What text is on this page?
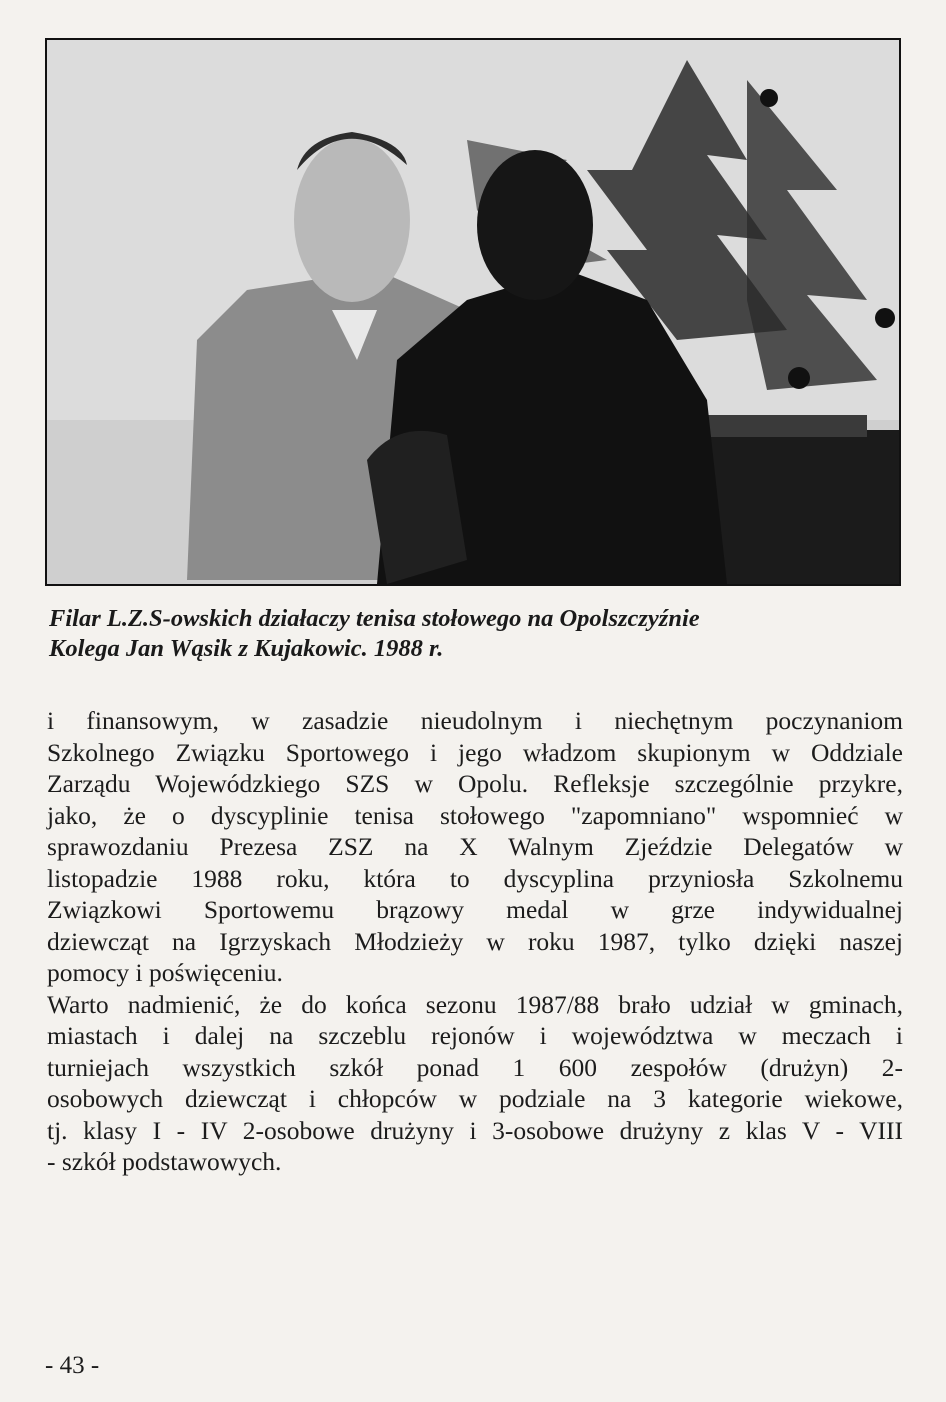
Filar L.Z.S-owskich działaczy tenisa stołowego na Opolszczyźnie
Kolega Jan Wąsik z Kujakowic. 1988 r.
i finansowym, w zasadzie nieudolnym i niechętnym poczynaniom
Szkolnego Związku Sportowego i jego władzom skupionym w Oddziale
Zarządu Wojewódzkiego SZS w Opolu. Refleksje szczególnie przykre,
jako, że o dyscyplinie tenisa stołowego "zapomniano" wspomnieć w
sprawozdaniu Prezesa ZSZ na X Walnym Zjeździe Delegatów w
listopadzie 1988 roku, która to dyscyplina przyniosła Szkolnemu
Związkowi Sportowemu brązowy medal w grze indywidualnej
dziewcząt na Igrzyskach Młodzieży w roku 1987, tylko dzięki naszej
pomocy i poświęceniu.
Warto nadmienić, że do końca sezonu 1987/88 brało udział w gminach,
miastach i dalej na szczeblu rejonów i województwa w meczach i
turniejach wszystkich szkół ponad 1 600 zespołów (drużyn) 2-
osobowych dziewcząt i chłopców w podziale na 3 kategorie wiekowe,
tj. klasy I - IV 2-osobowe drużyny i 3-osobowe drużyny z klas V - VIII
- szkół podstawowych.
- 43 -
